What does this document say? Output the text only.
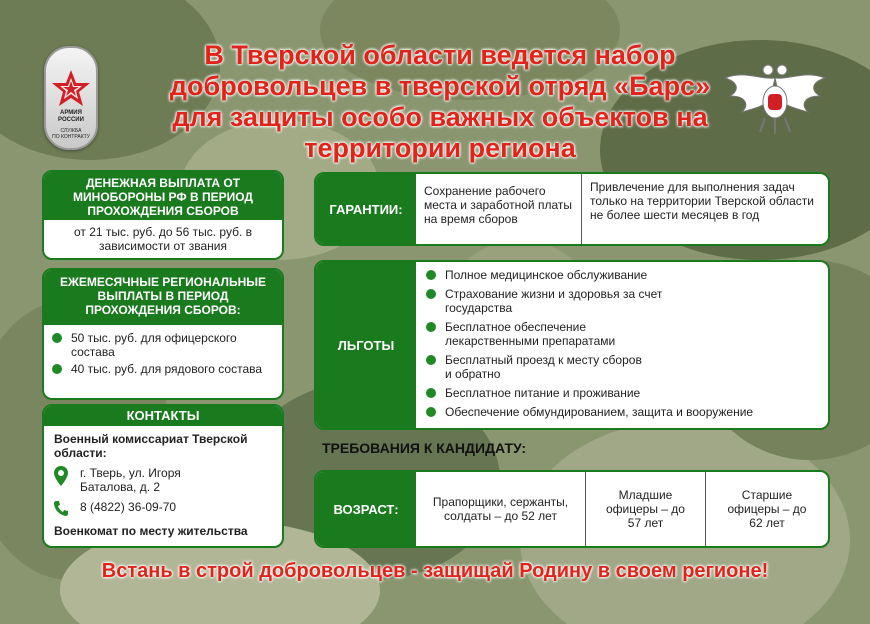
АРМИЯ
РОССИИ
СЛУЖБА
ПО КОНТРАКТУ
В Тверской области ведется набор добровольцев в тверской отряд «Барс» для защиты особо важных объектов на территории региона
ДЕНЕЖНАЯ ВЫПЛАТА ОТ МИНОБОРОНЫ РФ В ПЕРИОД ПРОХОЖДЕНИЯ СБОРОВ
от 21 тыс. руб. до 56 тыс. руб. в зависимости от звания
ЕЖЕМЕСЯЧНЫЕ РЕГИОНАЛЬНЫЕ ВЫПЛАТЫ В ПЕРИОД ПРОХОЖДЕНИЯ СБОРОВ:
50 тыс. руб. для офицерского состава
40 тыс. руб. для рядового состава
КОНТАКТЫ
Военный комиссариат Тверской области:
г. Тверь, ул. Игоря Баталова, д. 2
8 (4822) 36-09-70
Военкомат по месту жительства
ГАРАНТИИ:
Сохранение рабочего места и заработной платы на время сборов
Привлечение для выполнения задач только на территории Тверской области не более шести месяцев в год
ЛЬГОТЫ
Полное медицинское обслуживание
Страхование жизни и здоровья за счет государства
Бесплатное обеспечение лекарственными препаратами
Бесплатный проезд к месту сборов и обратно
Бесплатное питание и проживание
Обеспечение обмундированием, защита и вооружение
ТРЕБОВАНИЯ К КАНДИДАТУ:
ВОЗРАСТ:	Прапорщики, сержанты, солдаты – до 52 лет
Младшие офицеры – до 57 лет
Старшие офицеры – до 62 лет

Встань в строй добровольцев - защищай Родину в своем регионе!
